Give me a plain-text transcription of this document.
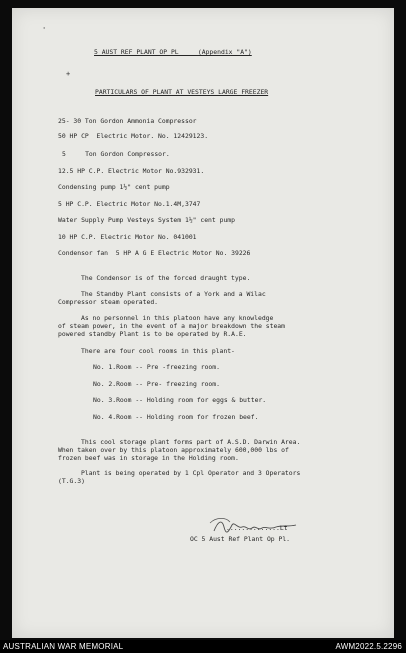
'
+
5 AUST REF PLANT OP PL     (Appendix "A")
PARTICULARS OF PLANT AT VESTEYS LARGE FREEZER
25- 30 Ton Gordon Ammonia Compressor
50 HP CP  Electric Motor. No. 12429123.
5     Ton Gordon Compressor.
12.5 HP C.P. Electric Motor No.932931.
Condensing pump 1½" cent pump
5 HP C.P. Electric Motor No.1.4M,3747
Water Supply Pump Vesteys System 1½" cent pump
10 HP C.P. Electric Motor No. 041001
Condensor fan  5 HP A G E Electric Motor No. 39226
The Condensor is of the forced draught type.
The Standby Plant consists of a York and a Wilac
Compressor steam operated.
As no personnel in this platoon have any knowledge
of steam power, in the event of a major breakdown the steam
powered standby Plant is to be operated by R.A.E.
There are four cool rooms in this plant-
No. 1.Room -- Pre -freezing room.
No. 2.Room -- Pre- freezing room.
No. 3.Room -- Holding room for eggs & butter.
No. 4.Room -- Holding room for frozen beef.
This cool storage plant forms part of A.S.D. Darwin Area.
When taken over by this platoon approximately 600,000 lbs of
frozen beef was in storage in the Holding room.
Plant is being operated by 1 Cpl Operator and 3 Operators
(T.G.3)
..............Lt
OC 5 Aust Ref Plant Op Pl.
AUSTRALIAN WAR MEMORIAL	AWM2022.5.2296
